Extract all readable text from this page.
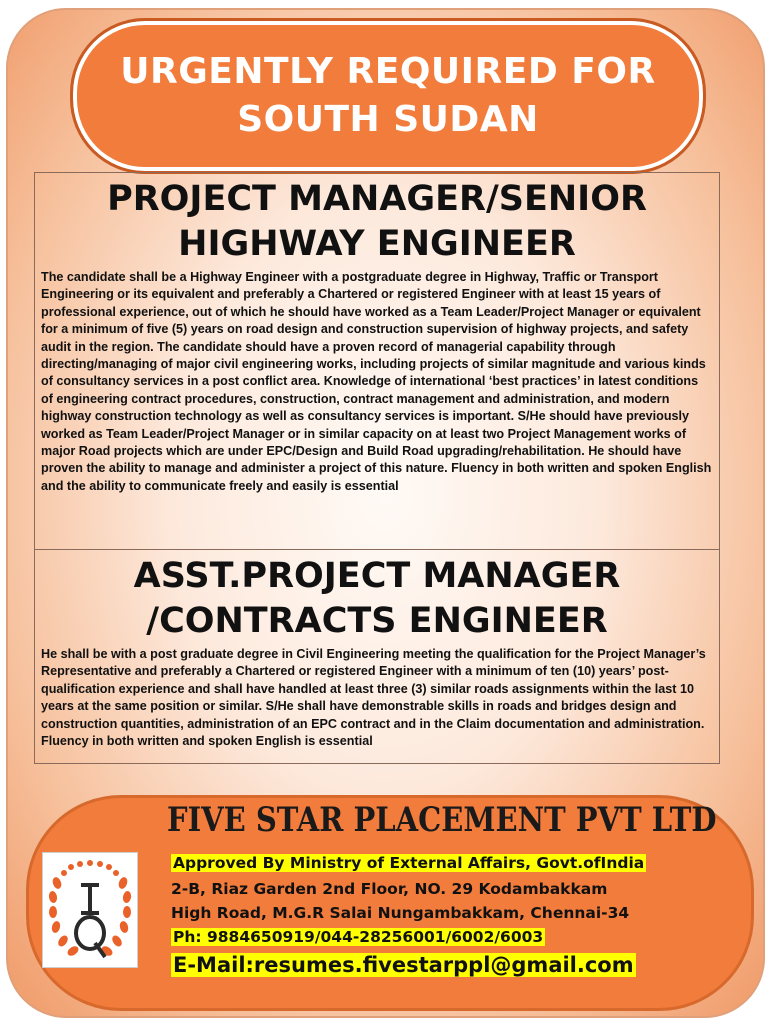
URGENTLY REQUIRED FOR SOUTH SUDAN
PROJECT MANAGER/SENIOR HIGHWAY ENGINEER
The candidate shall be a Highway Engineer with a postgraduate degree in Highway, Traffic or Transport Engineering or its equivalent and preferably a Chartered or registered Engineer with at least 15 years of professional experience, out of which he should have worked as a Team Leader/Project Manager or equivalent for a minimum of five (5) years on road design and construction supervision of highway projects, and safety audit in the region. The candidate should have a proven record of managerial capability through directing/managing of major civil engineering works, including projects of similar magnitude and various kinds of consultancy services in a post conflict area. Knowledge of international ‘best practices’ in latest conditions of engineering contract procedures, construction, contract management and administration, and modern highway construction technology as well as consultancy services is important. S/He should have previously worked as Team Leader/Project Manager or in similar capacity on at least two Project Management works of major Road projects which are under EPC/Design and Build Road upgrading/rehabilitation. He should have proven the ability to manage and administer a project of this nature. Fluency in both written and spoken English and the ability to communicate freely and easily is essential
ASST.PROJECT MANAGER /CONTRACTS ENGINEER
He shall be with a post graduate degree in Civil Engineering meeting the qualification for the Project Manager’s Representative and preferably a Chartered or registered Engineer with a minimum of ten (10) years’ post-qualification experience and shall have handled at least three (3) similar roads assignments within the last 10 years at the same position or similar. S/He shall have demonstrable skills in roads and bridges design and construction quantities, administration of an EPC contract and in the Claim documentation and administration. Fluency in both written and spoken English is essential
FIVE STAR PLACEMENT PVT LTD
Approved By Ministry of External Affairs, Govt.ofIndia
2-B, Riaz Garden 2nd Floor, NO. 29 Kodambakkam
High Road, M.G.R Salai Nungambakkam, Chennai-34
Ph: 9884650919/044-28256001/6002/6003
E-Mail:resumes.fivestarppl@gmail.com
